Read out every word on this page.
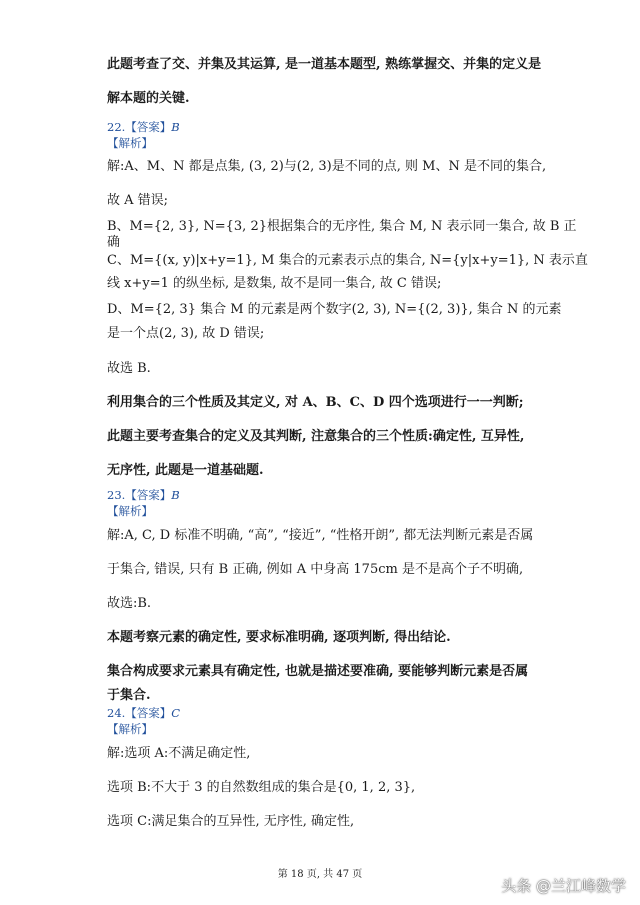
此题考查了交、并集及其运算, 是一道基本题型, 熟练掌握交、并集的定义是
解本题的关键.
22.【答案】B
【解析】
解:A、M、N 都是点集, (3, 2)与(2, 3)是不同的点, 则 M、N 是不同的集合,
故 A 错误;
B、M={2, 3}, N={3, 2}根据集合的无序性, 集合 M, N 表示同一集合, 故 B 正
确
C、M={(x, y)|x+y=1}, M 集合的元素表示点的集合, N={y|x+y=1}, N 表示直
线 x+y=1 的纵坐标, 是数集, 故不是同一集合, 故 C 错误;
D、M={2, 3} 集合 M 的元素是两个数字(2, 3), N={(2, 3)}, 集合 N 的元素
是一个点(2, 3), 故 D 错误;
故选 B.
利用集合的三个性质及其定义, 对 A、B、C、D 四个选项进行一一判断;
此题主要考查集合的定义及其判断, 注意集合的三个性质:确定性, 互异性,
无序性, 此题是一道基础题.
23.【答案】B
【解析】
解:A, C, D 标准不明确, “高”, “接近”, “性格开朗”, 都无法判断元素是否属
于集合, 错误, 只有 B 正确, 例如 A 中身高 175cm 是不是高个子不明确,
故选:B.
本题考察元素的确定性, 要求标准明确, 逐项判断, 得出结论.
集合构成要求元素具有确定性, 也就是描述要准确, 要能够判断元素是否属
于集合.
24.【答案】C
【解析】
解:选项 A:不满足确定性,
选项 B:不大于 3 的自然数组成的集合是{0, 1, 2, 3},
选项 C:满足集合的互异性, 无序性, 确定性,
第 18 页, 共 47 页
头条 @兰江峰数学
